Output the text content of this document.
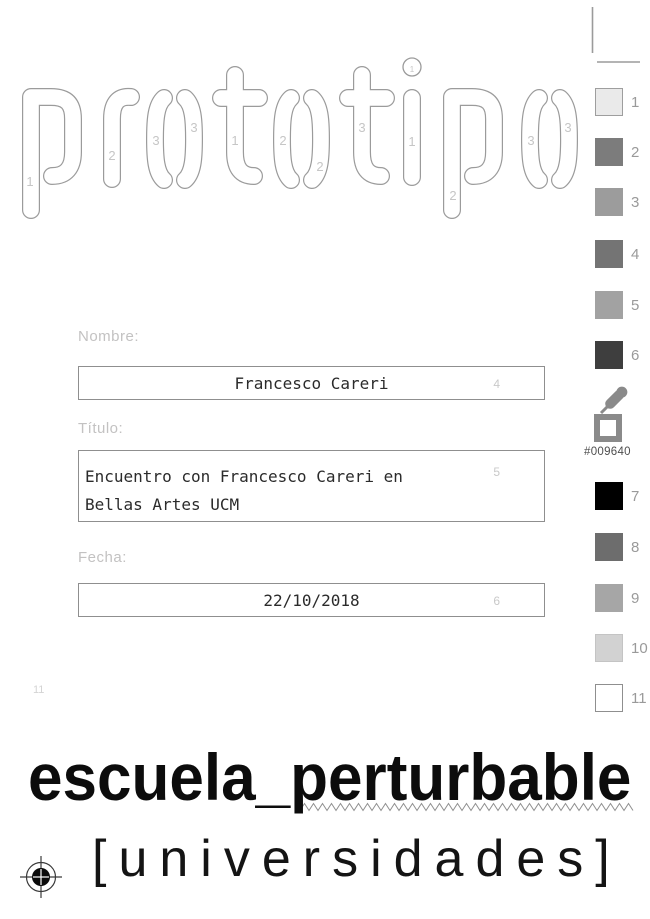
1
2
3
3
1	2
2
3
1
1
2
3
3
Nombre:
Francesco Careri	4
Título:
Encuentro con Francesco Careri en
Bellas Artes UCM
5
Fecha:
22/10/2018	6
1
2
3
4
5
6
#009640
7
8
9
10
11
11
escuela_perturbable
[universidades]
